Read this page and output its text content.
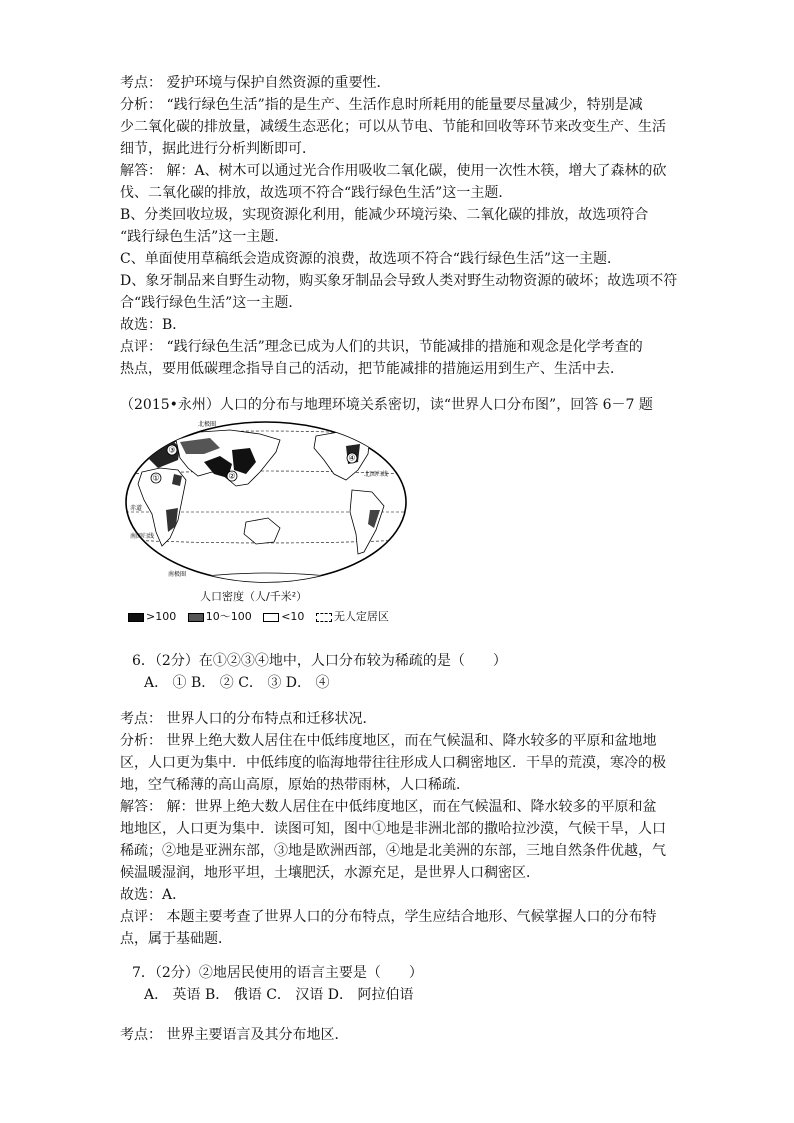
考点： 爱护环境与保护自然资源的重要性．
分析： “践行绿色生活”指的是生产、生活作息时所耗用的能量要尽量减少，特别是减
少二氧化碳的排放量，减缓生态恶化；可以从节电、节能和回收等环节来改变生产、生活
细节，据此进行分析判断即可．
解答： 解：A、树木可以通过光合作用吸收二氧化碳，使用一次性木筷，增大了森林的砍
伐、二氧化碳的排放，故选项不符合“践行绿色生活”这一主题．
B、分类回收垃圾，实现资源化利用，能减少环境污染、二氧化碳的排放，故选项符合
“践行绿色生活”这一主题．
C、单面使用草稿纸会造成资源的浪费，故选项不符合“践行绿色生活”这一主题．
D、象牙制品来自野生动物，购买象牙制品会导致人类对野生动物资源的破坏；故选项不符
合“践行绿色生活”这一主题．
故选：B．
点评： “践行绿色生活”理念已成为人们的共识，节能减排的措施和观念是化学考查的
热点，要用低碳理念指导自己的活动，把节能减排的措施运用到生产、生活中去．
（2015•永州）人口的分布与地理环境关系密切，读“世界人口分布图”，回答 6－7 题
北极圈
北回归线
赤道
南回归线
南极圈
①	②
③
④
人口密度（人/千米²）
>100	10～100	<10	无人定居区
6．（2分）在①②③④地中，人口分布较为稀疏的是（　　）
A． ① B． ② C． ③ D． ④
考点： 世界人口的分布特点和迁移状况．
分析： 世界上绝大数人居住在中低纬度地区，而在气候温和、降水较多的平原和盆地地
区，人口更为集中．中低纬度的临海地带往往形成人口稠密地区．干旱的荒漠，寒冷的极
地，空气稀薄的高山高原，原始的热带雨林，人口稀疏．
解答： 解：世界上绝大数人居住在中低纬度地区，而在气候温和、降水较多的平原和盆
地地区，人口更为集中．读图可知，图中①地是非洲北部的撒哈拉沙漠，气候干旱，人口
稀疏；②地是亚洲东部，③地是欧洲西部，④地是北美洲的东部，三地自然条件优越，气
候温暖湿润，地形平坦，土壤肥沃，水源充足，是世界人口稠密区．
故选：A．
点评： 本题主要考查了世界人口的分布特点，学生应结合地形、气候掌握人口的分布特
点，属于基础题．
7．（2分）②地居民使用的语言主要是（　　）
A． 英语 B． 俄语 C． 汉语 D． 阿拉伯语
考点： 世界主要语言及其分布地区．
